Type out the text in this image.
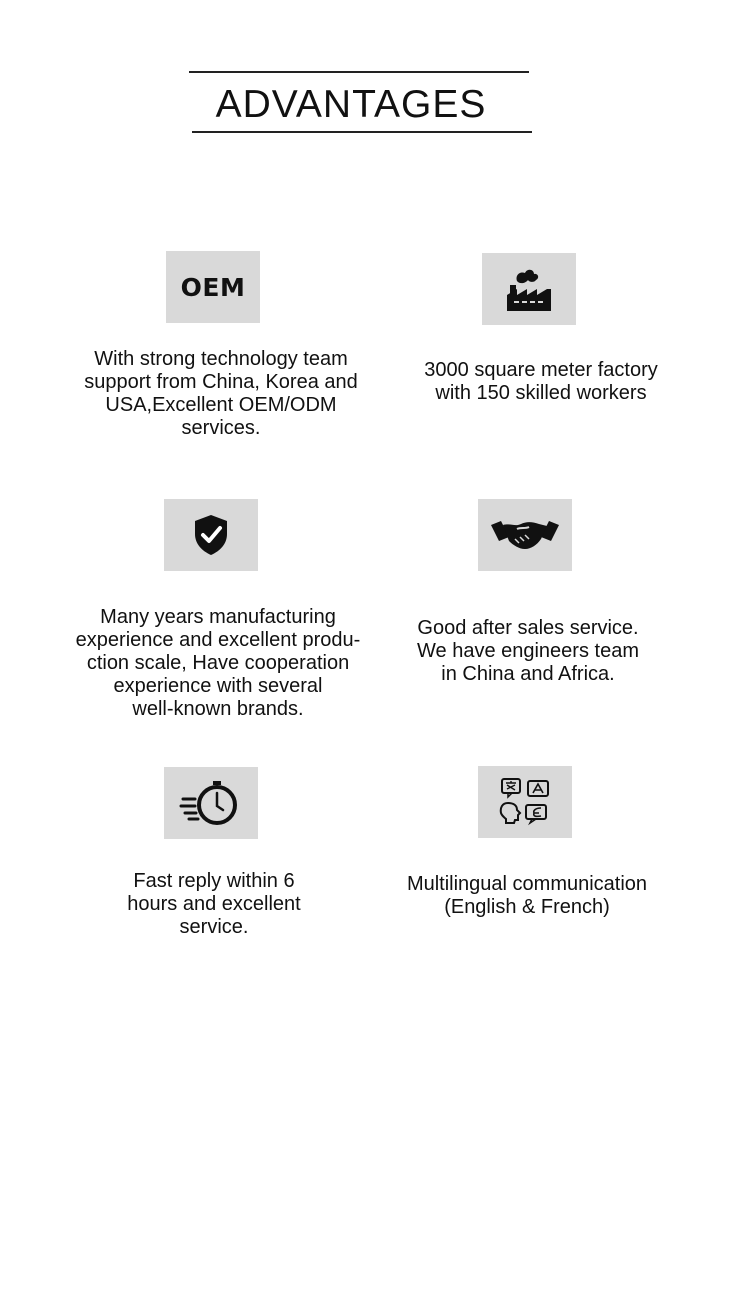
ADVANTAGES
OEM
With strong technology team
support from China, Korea and
USA,Excellent OEM/ODM
services.
3000 square meter factory
with 150 skilled workers
Many years manufacturing
experience and excellent produ-
ction scale, Have cooperation
experience with several
well-known brands.
Good after sales service.
We have engineers team
in China and Africa.
Fast reply within 6
hours and excellent
service.
Multilingual communication
(English & French)
